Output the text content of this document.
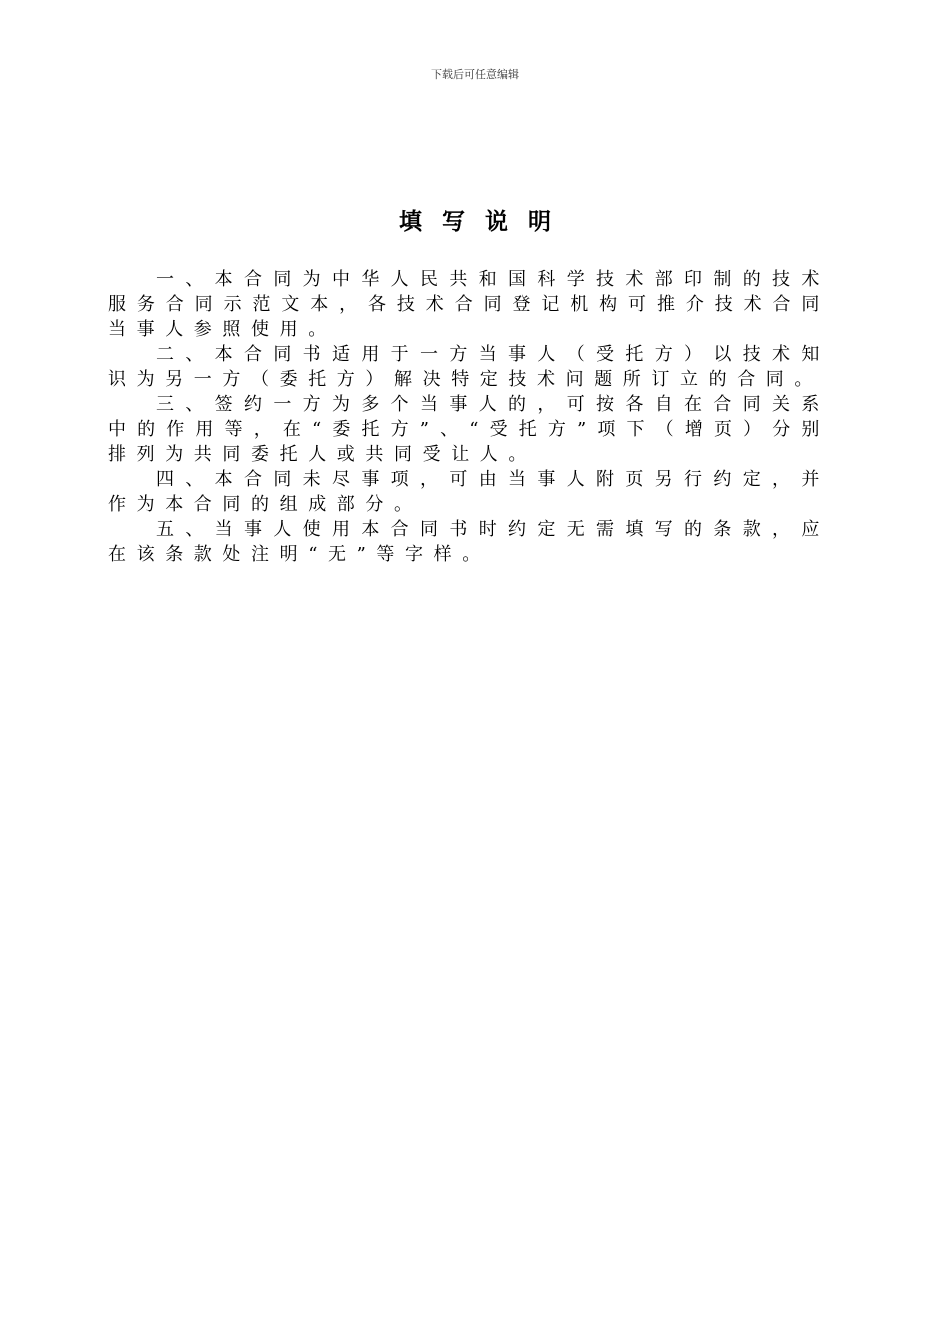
下载后可任意编辑
填写说明

一、本合同为中华人民共和国科学技术部印制的技术服务合同示范文本，各技术合同登记机构可推介技术合同当事人参照使用。

二、本合同书适用于一方当事人（受托方）以技术知识为另一方（委托方）解决特定技术问题所订立的合同。

三、签约一方为多个当事人的，可按各自在合同关系中的作用等，在“委托方”、“受托方”项下（增页）分别排列为共同委托人或共同受让人。

四、本合同未尽事项，可由当事人附页另行约定，并作为本合同的组成部分。

五、当事人使用本合同书时约定无需填写的条款，应在该条款处注明“无”等字样。
